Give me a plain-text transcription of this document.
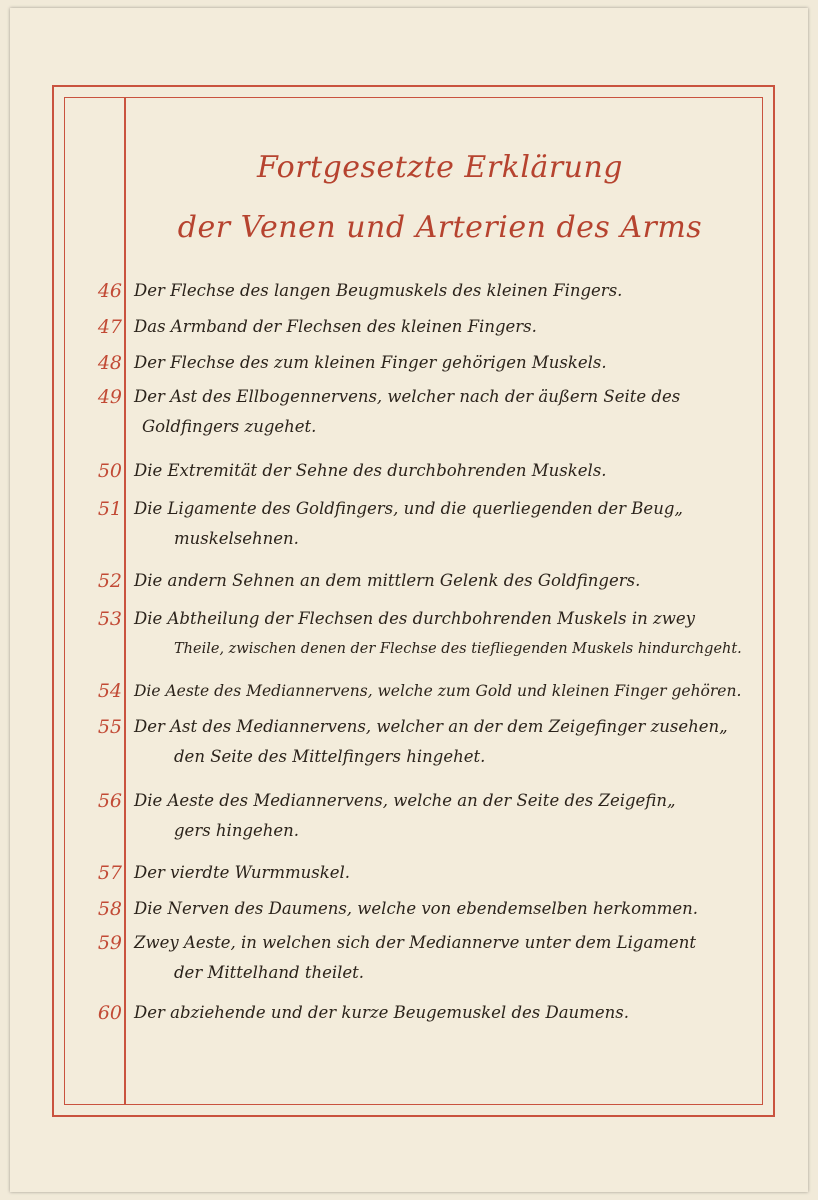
Fortgesetzte Erklärung
der Venen und Arterien des Arms
46 Der Flechse des langen Beugmuskels des kleinen Fingers.
47 Das Armband der Flechsen des kleinen Fingers.
48 Der Flechse des zum kleinen Finger gehörigen Muskels.
49 Der Ast des Ellbogennervens, welcher nach der äußern Seite des
Goldfingers zugehet.
50 Die Extremität der Sehne des durchbohrenden Muskels.
51 Die Ligamente des Goldfingers, und die querliegenden der Beug„
muskelsehnen.
52 Die andern Sehnen an dem mittlern Gelenk des Goldfingers.
53 Die Abtheilung der Flechsen des durchbohrenden Muskels in zwey
Theile, zwischen denen der Flechse des tiefliegenden Muskels hindurchgeht.
54 Die Aeste des Mediannervens, welche zum Gold und kleinen Finger gehören.
55 Der Ast des Mediannervens, welcher an der dem Zeigefinger zusehen„
den Seite des Mittelfingers hingehet.
56 Die Aeste des Mediannervens, welche an der Seite des Zeigefin„
gers hingehen.
57 Der vierdte Wurmmuskel.
58 Die Nerven des Daumens, welche von ebendemselben herkommen.
59 Zwey Aeste, in welchen sich der Mediannerve unter dem Ligament
der Mittelhand theilet.
60 Der abziehende und der kurze Beugemuskel des Daumens.
